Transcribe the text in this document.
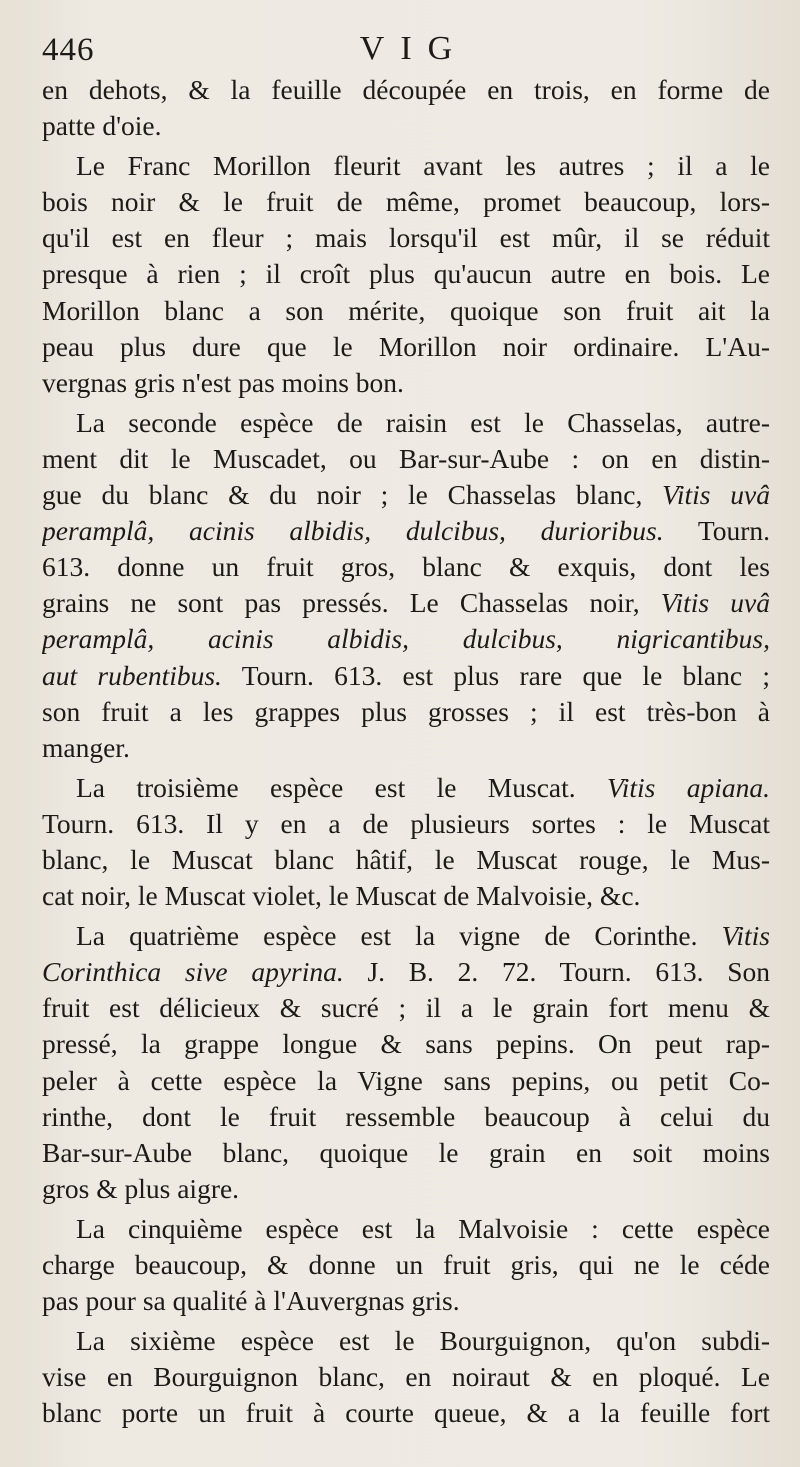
446	VIG
en dehots, & la feuille découpée en trois, en forme de
patte d'oie.
Le Franc Morillon fleurit avant les autres ; il a le
bois noir & le fruit de même, promet beaucoup, lors-
qu'il est en fleur ; mais lorsqu'il est mûr, il se réduit
presque à rien ; il croît plus qu'aucun autre en bois. Le
Morillon blanc a son mérite, quoique son fruit ait la
peau plus dure que le Morillon noir ordinaire. L'Au-
vergnas gris n'est pas moins bon.
La seconde espèce de raisin est le Chasselas, autre-
ment dit le Muscadet, ou Bar-sur-Aube : on en distin-
gue du blanc & du noir ; le Chasselas blanc, Vitis uvâ
peramplâ, acinis albidis, dulcibus, durioribus. Tourn.
613. donne un fruit gros, blanc & exquis, dont les
grains ne sont pas pressés. Le Chasselas noir, Vitis uvâ
peramplâ, acinis albidis, dulcibus, nigricantibus,
aut rubentibus. Tourn. 613. est plus rare que le blanc ;
son fruit a les grappes plus grosses ; il est très-bon à
manger.
La troisième espèce est le Muscat. Vitis apiana.
Tourn. 613. Il y en a de plusieurs sortes : le Muscat
blanc, le Muscat blanc hâtif, le Muscat rouge, le Mus-
cat noir, le Muscat violet, le Muscat de Malvoisie, &c.
La quatrième espèce est la vigne de Corinthe. Vitis
Corinthica sive apyrina. J. B. 2. 72. Tourn. 613. Son
fruit est délicieux & sucré ; il a le grain fort menu &
pressé, la grappe longue & sans pepins. On peut rap-
peler à cette espèce la Vigne sans pepins, ou petit Co-
rinthe, dont le fruit ressemble beaucoup à celui du
Bar-sur-Aube blanc, quoique le grain en soit moins
gros & plus aigre.
La cinquième espèce est la Malvoisie : cette espèce
charge beaucoup, & donne un fruit gris, qui ne le céde
pas pour sa qualité à l'Auvergnas gris.
La sixième espèce est le Bourguignon, qu'on subdi-
vise en Bourguignon blanc, en noiraut & en ploqué. Le
blanc porte un fruit à courte queue, & a la feuille fort
